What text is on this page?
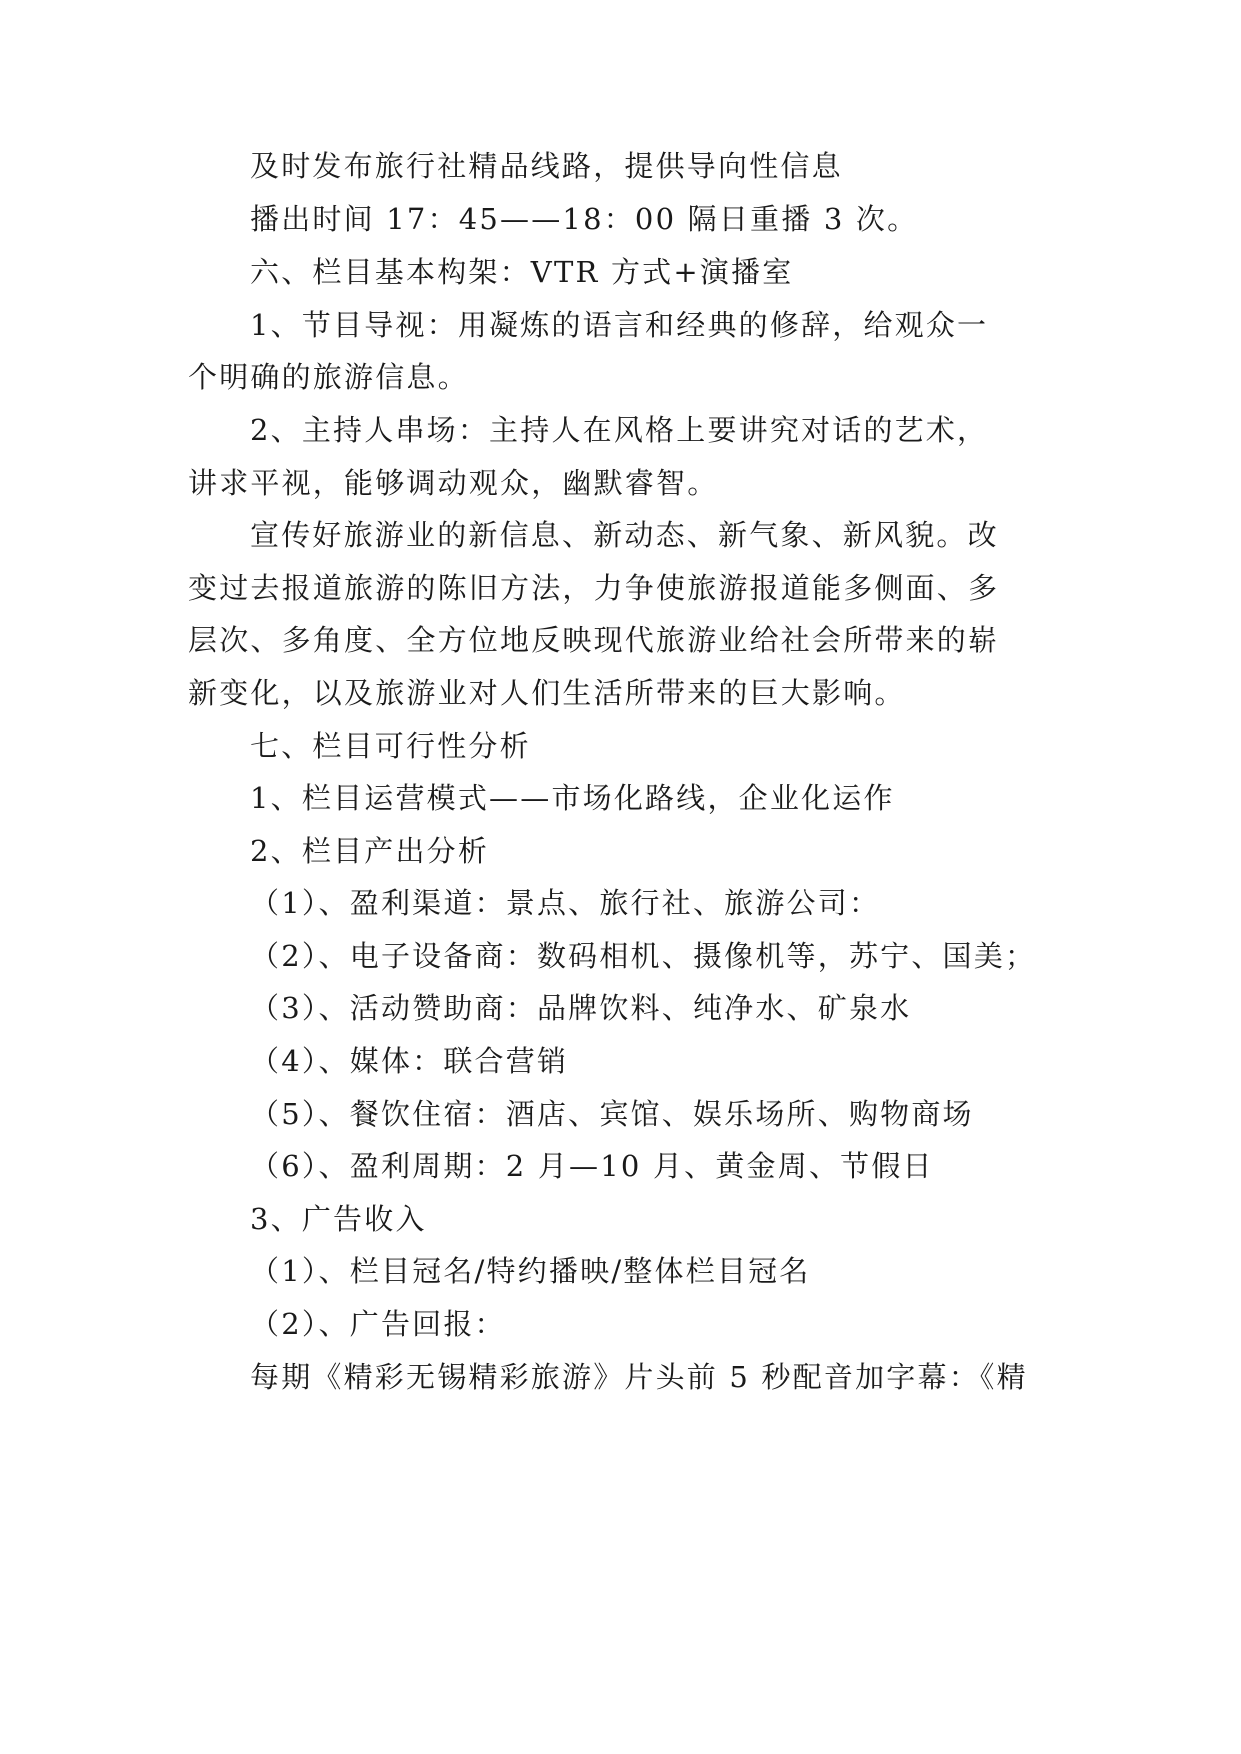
及时发布旅行社精品线路，提供导向性信息
播出时间 17：45——18：00 隔日重播 3 次。
六、栏目基本构架：VTR 方式+演播室
1、节目导视：用凝炼的语言和经典的修辞，给观众一
个明确的旅游信息。
2、主持人串场：主持人在风格上要讲究对话的艺术，
讲求平视，能够调动观众，幽默睿智。
宣传好旅游业的新信息、新动态、新气象、新风貌。改
变过去报道旅游的陈旧方法，力争使旅游报道能多侧面、多
层次、多角度、全方位地反映现代旅游业给社会所带来的崭
新变化，以及旅游业对人们生活所带来的巨大影响。
七、栏目可行性分析
1、栏目运营模式——市场化路线，企业化运作
2、栏目产出分析
（1）、盈利渠道：景点、旅行社、旅游公司：
（2）、电子设备商：数码相机、摄像机等，苏宁、国美；
（3）、活动赞助商：品牌饮料、纯净水、矿泉水
（4）、媒体：联合营销
（5）、餐饮住宿：酒店、宾馆、娱乐场所、购物商场
（6）、盈利周期：2 月—10 月、黄金周、节假日
3、广告收入
（1）、栏目冠名/特约播映/整体栏目冠名
（2）、广告回报：
每期《精彩无锡精彩旅游》片头前 5 秒配音加字幕：《精
